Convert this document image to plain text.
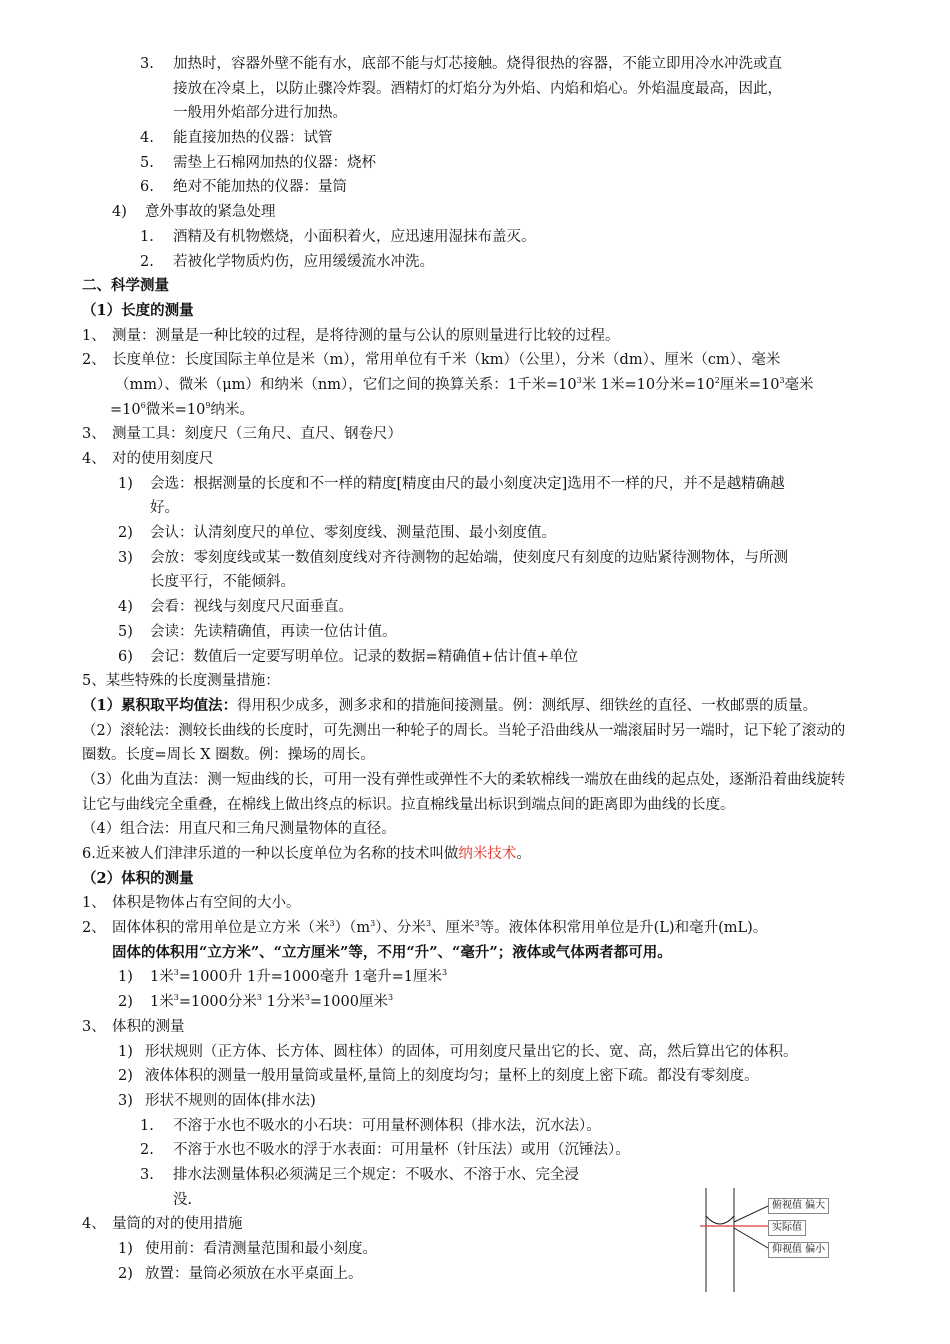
3. 加热时，容器外壁不能有水，底部不能与灯芯接触。烧得很热的容器，不能立即用冷水冲洗或直
接放在冷桌上，以防止骤冷炸裂。酒精灯的灯焰分为外焰、内焰和焰心。外焰温度最高，因此，
一般用外焰部分进行加热。
4. 能直接加热的仪器：试管
5. 需垫上石棉网加热的仪器：烧杯
6. 绝对不能加热的仪器：量筒
4) 意外事故的紧急处理
1. 酒精及有机物燃烧，小面积着火，应迅速用湿抹布盖灭。
2. 若被化学物质灼伤，应用缓缓流水冲洗。
二、科学测量
（1）长度的测量
1、 测量：测量是一种比较的过程，是将待测的量与公认的原则量进行比较的过程。
2、 长度单位：长度国际主单位是米（m），常用单位有千米（km）（公里），分米（dm）、厘米（cm）、毫米
（mm）、微米（μm）和纳米（nm），它们之间的换算关系：1千米$=10^3$米 1米=10分米$=10^2$厘米$=10^3$毫米
$=10^6$微米$=10^9$纳米。
3、 测量工具：刻度尺（三角尺、直尺、钢卷尺）
4、 对的使用刻度尺
1) 会选：根据测量的长度和不一样的精度[精度由尺的最小刻度决定]选用不一样的尺，并不是越精确越
好。
2) 会认：认清刻度尺的单位、零刻度线、测量范围、最小刻度值。
3) 会放：零刻度线或某一数值刻度线对齐待测物的起始端，使刻度尺有刻度的边贴紧待测物体，与所测
长度平行，不能倾斜。
4) 会看：视线与刻度尺尺面垂直。
5) 会读：先读精确值，再读一位估计值。
6) 会记：数值后一定要写明单位。记录的数据=精确值+估计值+单位
5、某些特殊的长度测量措施：
（1）累积取平均值法：得用积少成多，测多求和的措施间接测量。例：测纸厚、细铁丝的直径、一枚邮票的质量。
（2）滚轮法：测较长曲线的长度时，可先测出一种轮子的周长。当轮子沿曲线从一端滚届时另一端时，记下轮了滚动的
圈数。长度=周长 X 圈数。例：操场的周长。
（3）化曲为直法：测一短曲线的长，可用一没有弹性或弹性不大的柔软棉线一端放在曲线的起点处，逐渐沿着曲线旋转
让它与曲线完全重叠，在棉线上做出终点的标识。拉直棉线量出标识到端点间的距离即为曲线的长度。
（4）组合法：用直尺和三角尺测量物体的直径。
6.近来被人们津津乐道的一种以长度单位为名称的技术叫做纳米技术。
（2）体积的测量
1、 体积是物体占有空间的大小。
2、 固体体积的常用单位是立方米（米$^3)(m^3)$、分米$^3$、厘米$^3$等。液体体积常用单位是升(L)和毫升(mL)。
固体的体积用“立方米”、“立方厘米”等，不用“升”、“毫升”；液体或气体两者都可用。
1) 1米$^3$=1000升 1升=1000毫升 1毫升=1厘米$^3$
2) 1米$^3$=1000分米$^3$ 1分米$^3$=1000厘米$^3$
3、 体积的测量
1) 形状规则（正方体、长方体、圆柱体）的固体，可用刻度尺量出它的长、宽、高，然后算出它的体积。
2) 液体体积的测量一般用量筒或量杯,量筒上的刻度均匀；量杯上的刻度上密下疏。都没有零刻度。
3) 形状不规则的固体(排水法)
1. 不溶于水也不吸水的小石块：可用量杯测体积（排水法，沉水法）。
2. 不溶于水也不吸水的浮于水表面：可用量杯（针压法）或用（沉锤法）。
3. 排水法测量体积必须满足三个规定：不吸水、不溶于水、完全浸
没.
4、 量筒的对的使用措施
1) 使用前：看清测量范围和最小刻度。
2) 放置：量筒必须放在水平桌面上。
俯视值 偏大
实际值
仰视值 偏小
